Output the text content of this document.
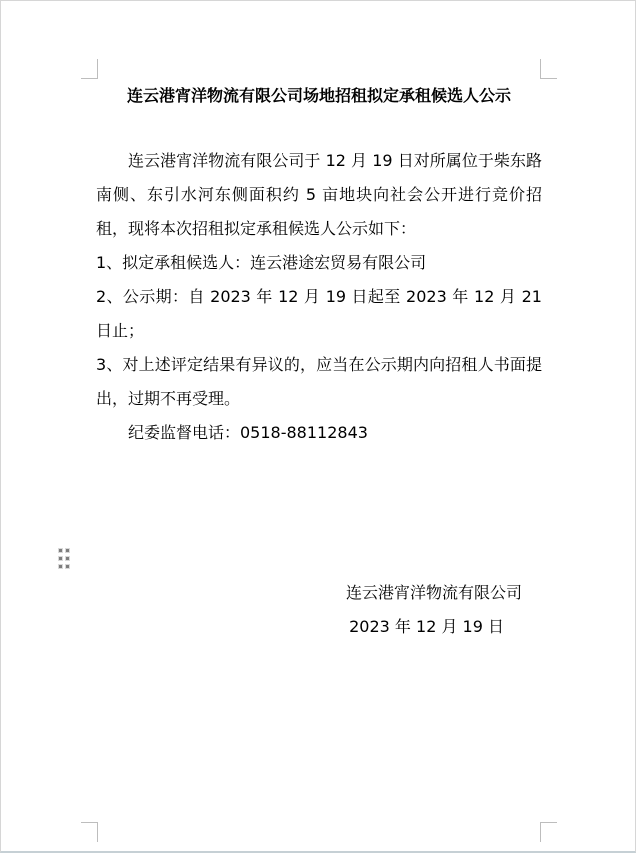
连云港宵洋物流有限公司场地招租拟定承租候选人公示

连云港宵洋物流有限公司于 12 月 19 日对所属位于柴东路南侧、东引水河东侧面积约 5 亩地块向社会公开进行竞价招租，现将本次招租拟定承租候选人公示如下：

1、拟定承租候选人：连云港途宏贸易有限公司

2、公示期：自 2023 年 12 月 19 日起至 2023 年 12 月 21 日止；

3、对上述评定结果有异议的，应当在公示期内向招租人书面提出，过期不再受理。

纪委监督电话：0518-88112843

连云港宵洋物流有限公司
2023 年 12 月 19 日
